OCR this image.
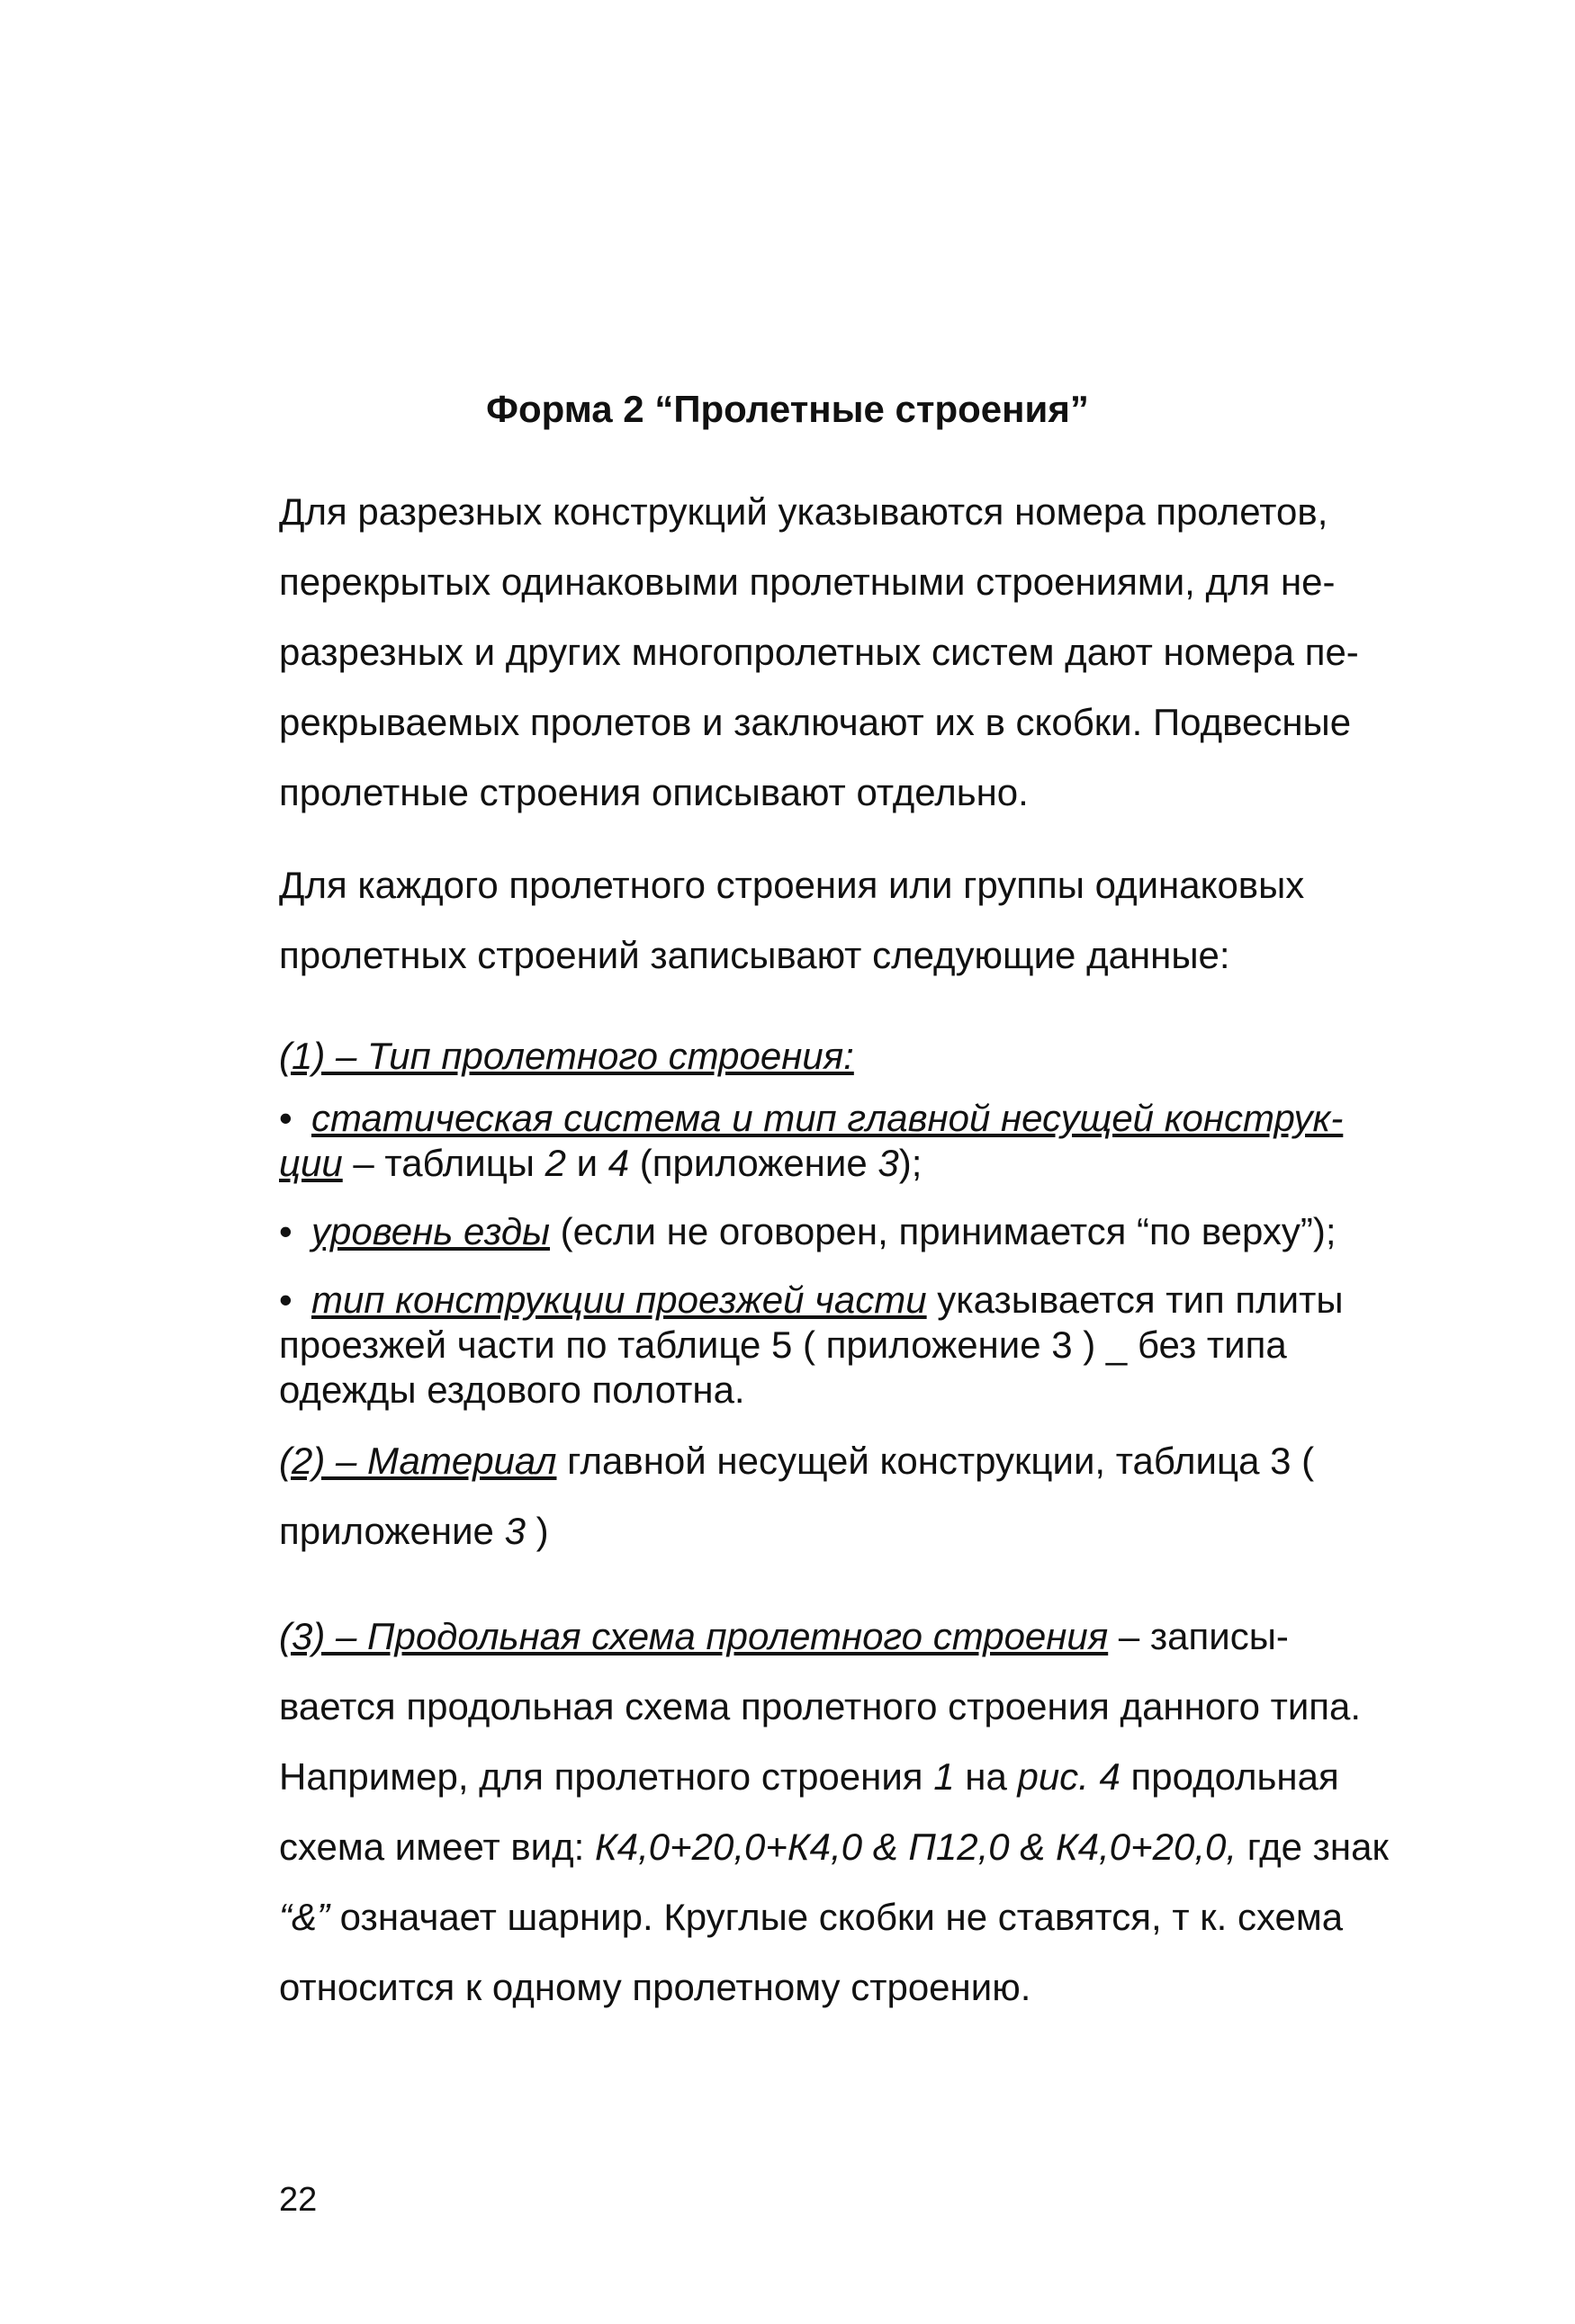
Форма 2 “Пролетные строения”

Для разрезных конструкций указываются номера пролетов, перекрытых одинаковыми пролетными строениями, для не-разрезных и других многопролетных систем дают номера пе-рекрываемых пролетов и заключают их в скобки. Подвесные пролетные строения описывают отдельно.

Для каждого пролетного строения или группы одинаковых пролетных строений записывают следующие данные:

(1) – Тип пролетного строения:

• статическая система и тип главной несущей конструк-ции – таблицы 2 и 4 (приложение 3);
• уровень езды (если не оговорен, принимается “по верху”);
• тип конструкции проезжей части указывается тип плиты проезжей части по таблице 5 ( приложение 3 ) _ без типа одежды ездового полотна.

(2) – Материал главной несущей конструкции, таблица 3 ( приложение 3 )

(3) – Продольная схема пролетного строения – записы-вается продольная схема пролетного строения данного типа. Например, для пролетного строения 1 на рис. 4 продольная схема имеет вид: К4,0+20,0+К4,0 & П12,0 & К4,0+20,0, где знак “&” означает шарнир. Круглые скобки не ставятся, т к. схема относится к одному пролетному строению.

22
